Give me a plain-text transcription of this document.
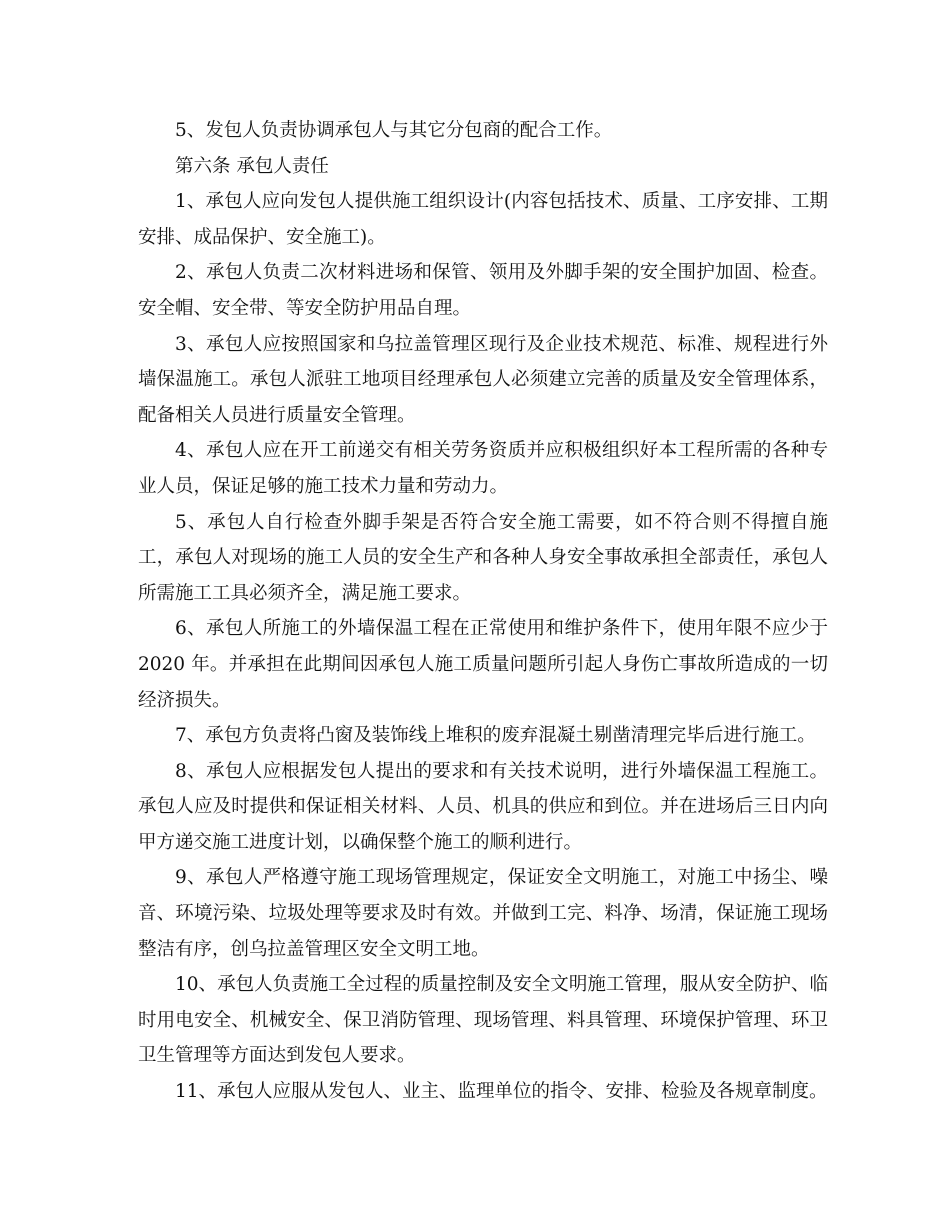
5、发包人负责协调承包人与其它分包商的配合工作。

第六条 承包人责任

1、承包人应向发包人提供施工组织设计(内容包括技术、质量、工序安排、工期安排、成品保护、安全施工)。

2、承包人负责二次材料进场和保管、领用及外脚手架的安全围护加固、检查。安全帽、安全带、等安全防护用品自理。

3、承包人应按照国家和乌拉盖管理区现行及企业技术规范、标准、规程进行外墙保温施工。承包人派驻工地项目经理承包人必须建立完善的质量及安全管理体系，配备相关人员进行质量安全管理。

4、承包人应在开工前递交有相关劳务资质并应积极组织好本工程所需的各种专业人员，保证足够的施工技术力量和劳动力。

5、承包人自行检查外脚手架是否符合安全施工需要，如不符合则不得擅自施工，承包人对现场的施工人员的安全生产和各种人身安全事故承担全部责任，承包人所需施工工具必须齐全，满足施工要求。

6、承包人所施工的外墙保温工程在正常使用和维护条件下，使用年限不应少于 2020 年。并承担在此期间因承包人施工质量问题所引起人身伤亡事故所造成的一切经济损失。

7、承包方负责将凸窗及装饰线上堆积的废弃混凝土剔凿清理完毕后进行施工。

8、承包人应根据发包人提出的要求和有关技术说明，进行外墙保温工程施工。承包人应及时提供和保证相关材料、人员、机具的供应和到位。并在进场后三日内向甲方递交施工进度计划，以确保整个施工的顺利进行。

9、承包人严格遵守施工现场管理规定，保证安全文明施工，对施工中扬尘、噪音、环境污染、垃圾处理等要求及时有效。并做到工完、料净、场清，保证施工现场整洁有序，创乌拉盖管理区安全文明工地。

10、承包人负责施工全过程的质量控制及安全文明施工管理，服从安全防护、临时用电安全、机械安全、保卫消防管理、现场管理、料具管理、环境保护管理、环卫卫生管理等方面达到发包人要求。

11、承包人应服从发包人、业主、监理单位的指令、安排、检验及各规章制度。
